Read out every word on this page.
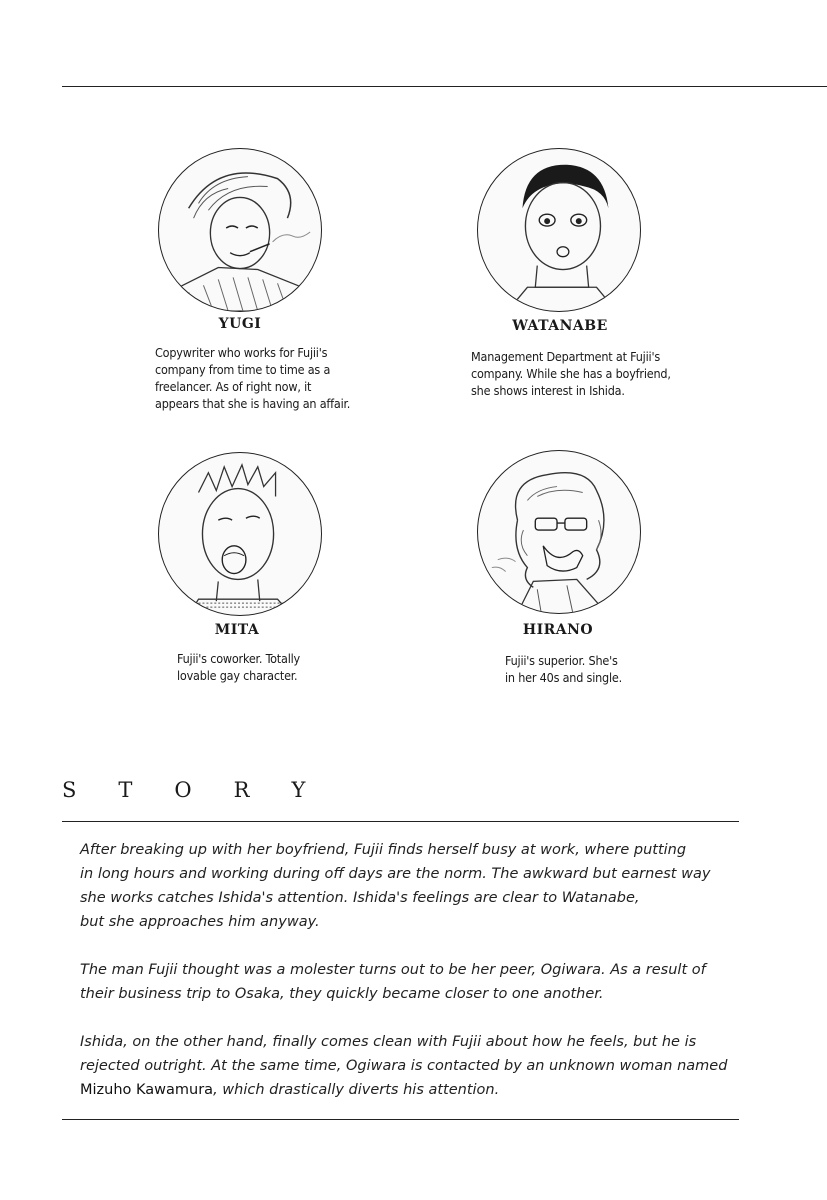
YUGI
Copywriter who works for Fujii's
company from time to time as a
freelancer. As of right now, it
appears that she is having an affair.
WATANABE
Management Department at Fujii's
company. While she has a boyfriend,
she shows interest in Ishida.
MITA
Fujii's coworker. Totally
lovable gay character.
HIRANO
Fujii's superior. She's
in her 40s and single.
S T O R Y

After breaking up with her boyfriend, Fujii finds herself busy at work, where putting
in long hours and working during off days are the norm. The awkward but earnest way
she works catches Ishida's attention. Ishida's feelings are clear to Watanabe,
but she approaches him anyway.

The man Fujii thought was a molester turns out to be her peer, Ogiwara. As a result of
their business trip to Osaka, they quickly became closer to one another.

Ishida, on the other hand, finally comes clean with Fujii about how he feels, but he is
rejected outright. At the same time, Ogiwara is contacted by an unknown woman named
Mizuho Kawamura, which drastically diverts his attention.
